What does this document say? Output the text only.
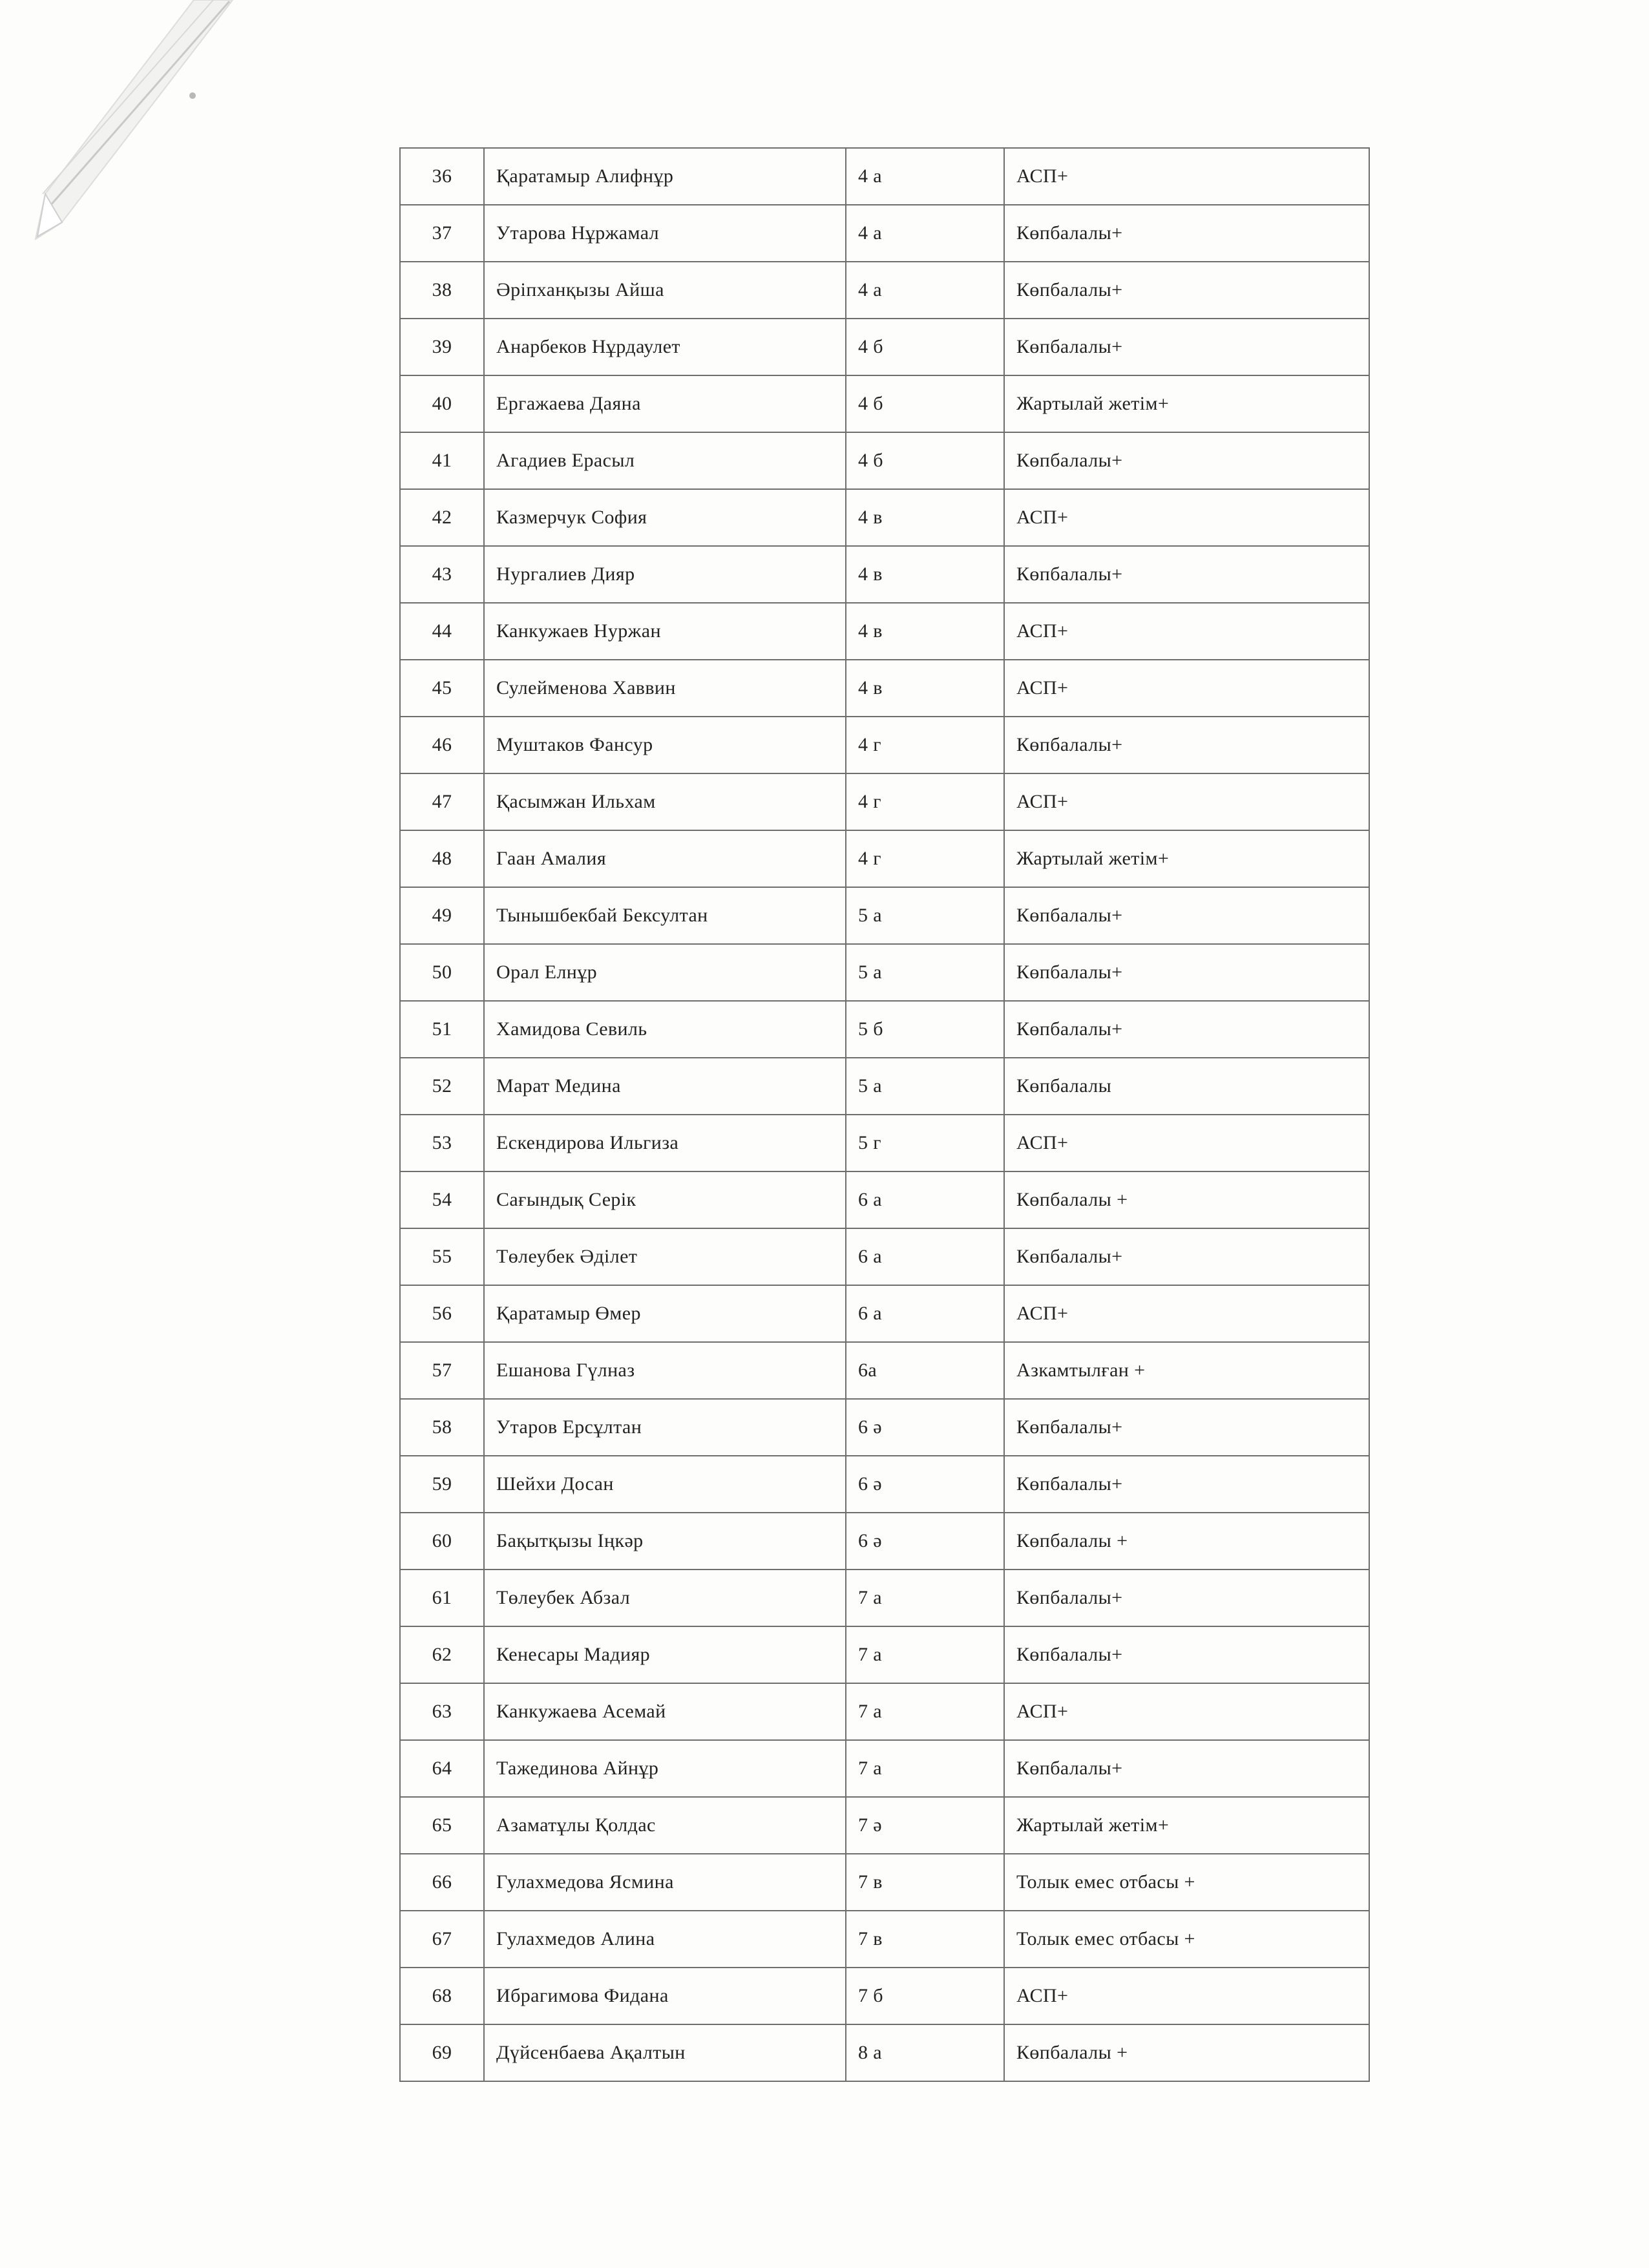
36	Қаратамыр Алифнұр	4 а	АСП+
37	Утарова Нұржамал	4 а	Көпбалалы+
38	Әріпханқызы Айша	4 а	Көпбалалы+
39	Анарбеков Нұрдаулет	4 б	Көпбалалы+
40	Ергажаева Даяна	4 б	Жартылай жетім+
41	Агадиев Ерасыл	4 б	Көпбалалы+
42	Казмерчук София	4 в	АСП+
43	Нургалиев Дияр	4 в	Көпбалалы+
44	Канкужаев Нуржан	4 в	АСП+
45	Сулейменова Хаввин	4 в	АСП+
46	Муштаков Фансур	4 г	Көпбалалы+
47	Қасымжан Ильхам	4 г	АСП+
48	Гаан Амалия	4 г	Жартылай жетім+
49	Тынышбекбай Бексултан	5 а	Көпбалалы+
50	Орал Елнұр	5 а	Көпбалалы+
51	Хамидова Севиль	5 б	Көпбалалы+
52	Марат Медина	5 а	Көпбалалы
53	Ескендирова Ильгиза	5 г	АСП+
54	Сағындық Серік	6 а	Көпбалалы +
55	Төлеубек Әділет	6 а	Көпбалалы+
56	Қаратамыр Өмер	6 а	АСП+
57	Ешанова Гүлназ	6а	Азкамтылған +
58	Утаров Ерсұлтан	6 ә	Көпбалалы+
59	Шейхи Досан	6 ә	Көпбалалы+
60	Бақытқызы Іңкәр	6 ә	Көпбалалы +
61	Төлеубек Абзал	7 а	Көпбалалы+
62	Кенесары Мадияр	7 а	Көпбалалы+
63	Канкужаева Асемай	7 а	АСП+
64	Тажединова Айнұр	7 а	Көпбалалы+
65	Азаматұлы Қолдас	7 ә	Жартылай жетім+
66	Гулахмедова Ясмина	7 в	Толык емес отбасы +
67	Гулахмедов Алина	7 в	Толык емес отбасы +
68	Ибрагимова Фидана	7 б	АСП+
69	Дүйсенбаева Ақалтын	8 а	Көпбалалы +
